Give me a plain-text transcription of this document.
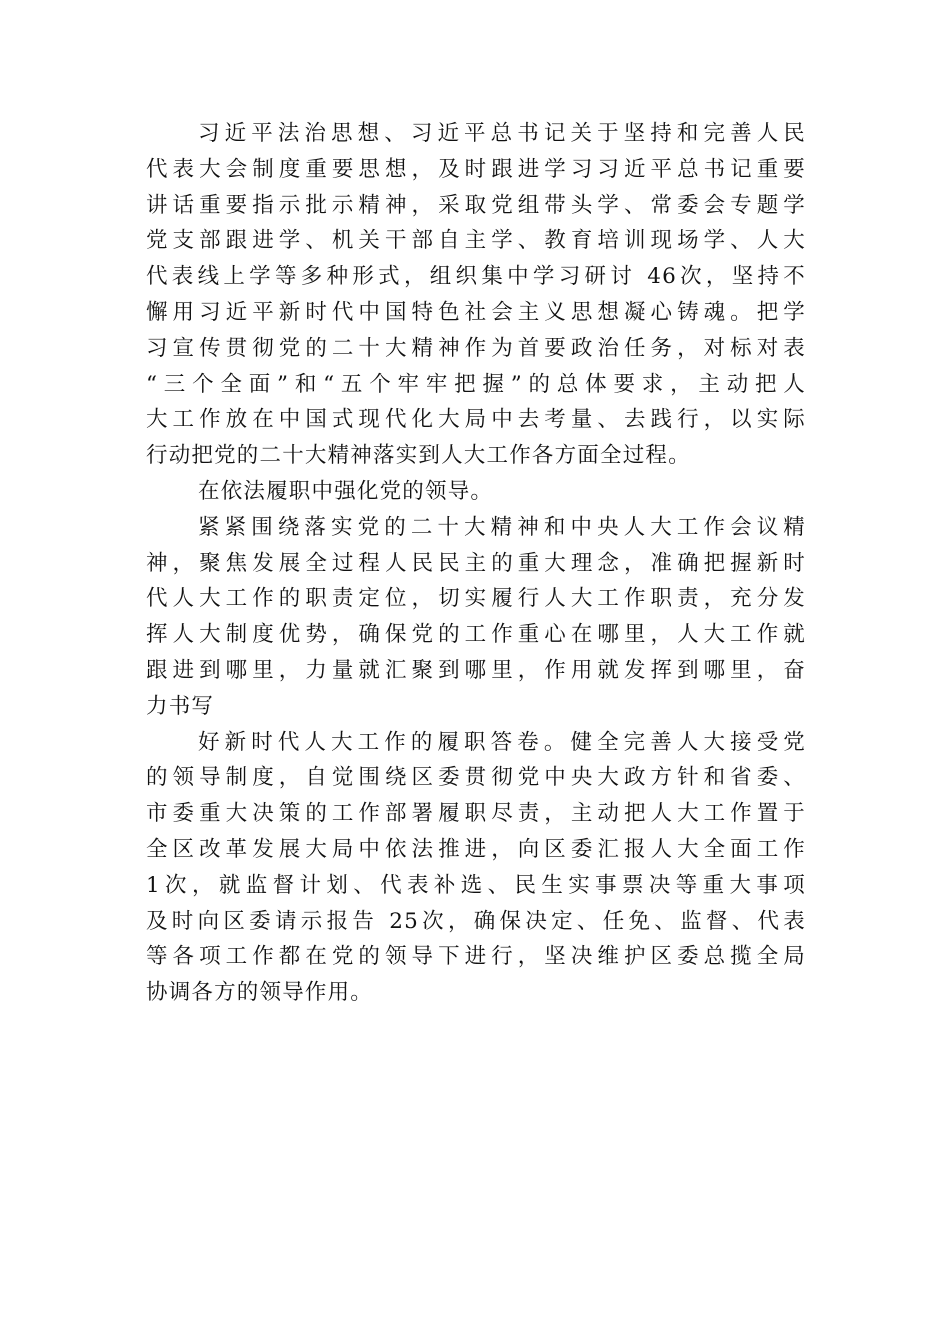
习近平法治思想、习近平总书记关于坚持和完善人民
代表大会制度重要思想，及时跟进学习习近平总书记重要
讲话重要指示批示精神，采取党组带头学、常委会专题学
党支部跟进学、机关干部自主学、教育培训现场学、人大
代表线上学等多种形式，组织集中学习研讨 46次，坚持不
懈用习近平新时代中国特色社会主义思想凝心铸魂。把学
习宣传贯彻党的二十大精神作为首要政治任务，对标对表
“三个全面”和“五个牢牢把握”的总体要求，主动把人
大工作放在中国式现代化大局中去考量、去践行，以实际
行动把党的二十大精神落实到人大工作各方面全过程。
在依法履职中强化党的领导。
紧紧围绕落实党的二十大精神和中央人大工作会议精
神，聚焦发展全过程人民民主的重大理念，准确把握新时
代人大工作的职责定位，切实履行人大工作职责，充分发
挥人大制度优势，确保党的工作重心在哪里，人大工作就
跟进到哪里，力量就汇聚到哪里，作用就发挥到哪里，奋
力书写
好新时代人大工作的履职答卷。健全完善人大接受党
的领导制度，自觉围绕区委贯彻党中央大政方针和省委、
市委重大决策的工作部署履职尽责，主动把人大工作置于
全区改革发展大局中依法推进，向区委汇报人大全面工作
1次，就监督计划、代表补选、民生实事票决等重大事项
及时向区委请示报告 25次，确保决定、任免、监督、代表
等各项工作都在党的领导下进行，坚决维护区委总揽全局
协调各方的领导作用。
